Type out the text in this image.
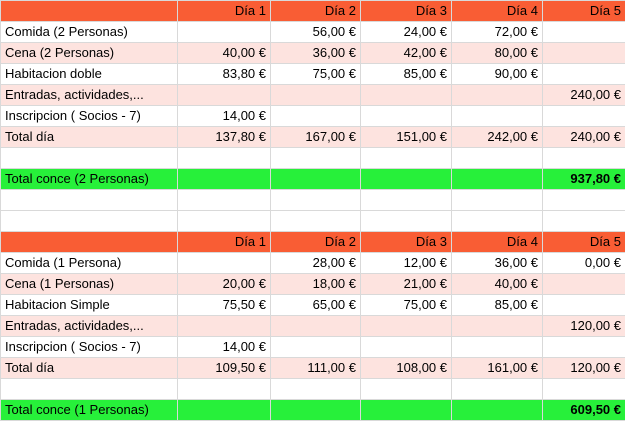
	Día 1	Día 2	Día 3	Día 4	Día 5
Comida (2 Personas)		56,00 €	24,00 €	72,00 €	
Cena (2 Personas)	40,00 €	36,00 €	42,00 €	80,00 €	
Habitacion doble	83,80 €	75,00 €	85,00 €	90,00 €	
Entradas, actividades,...					240,00 €
Inscripcion ( Socios - 7)	14,00 €				
Total día	137,80 €	167,00 €	151,00 €	242,00 €	240,00 €

Total conce (2 Personas)					937,80 €

	Día 1	Día 2	Día 3	Día 4	Día 5
Comida (1 Persona)		28,00 €	12,00 €	36,00 €	0,00 €
Cena (1 Personas)	20,00 €	18,00 €	21,00 €	40,00 €	
Habitacion Simple	75,50 €	65,00 €	75,00 €	85,00 €	
Entradas, actividades,...					120,00 €
Inscripcion ( Socios - 7)	14,00 €				
Total día	109,50 €	111,00 €	108,00 €	161,00 €	120,00 €

Total conce (1 Personas)					609,50 €
